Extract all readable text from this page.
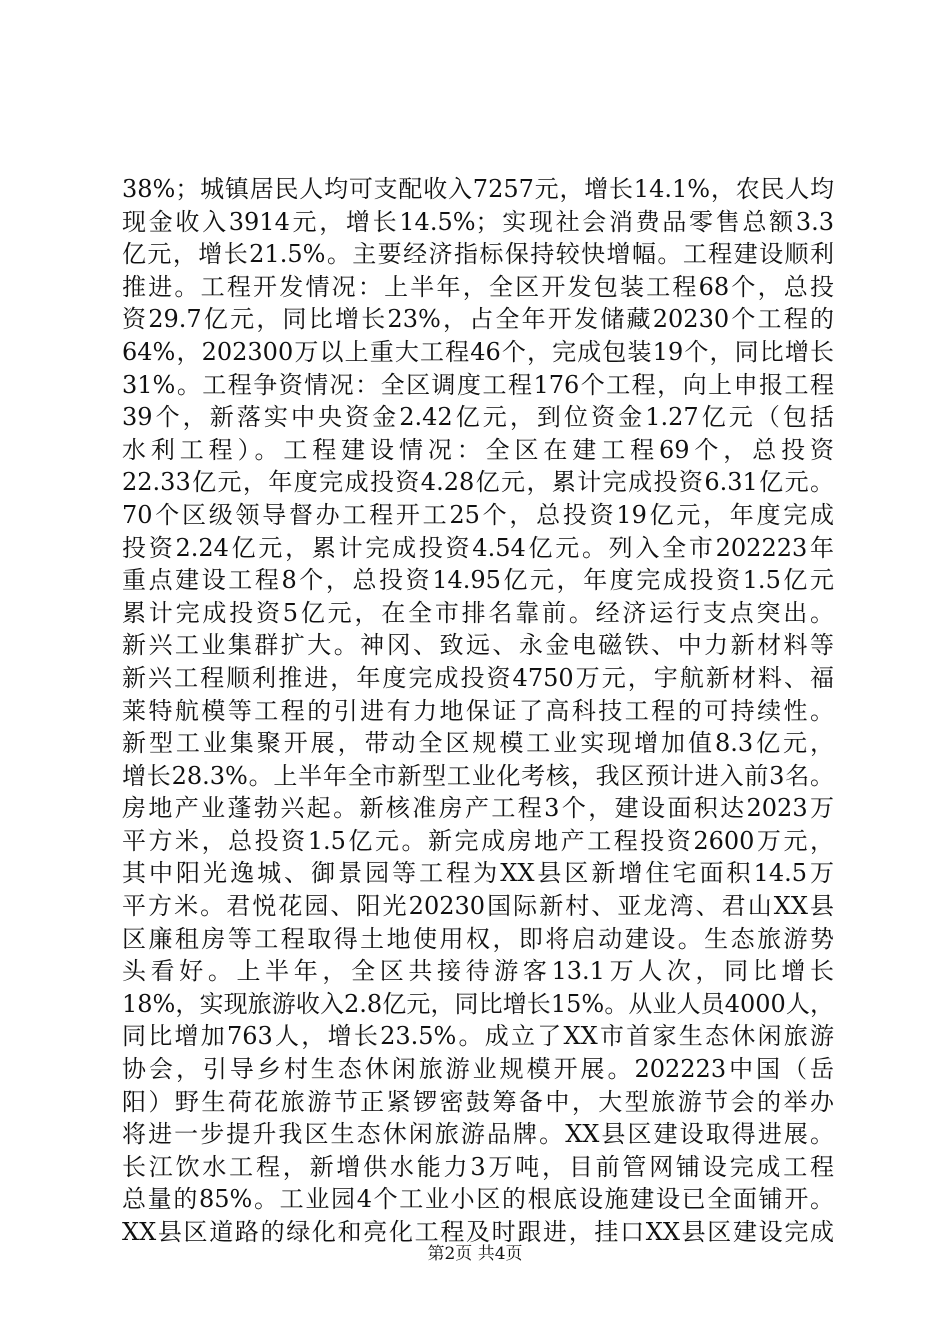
38%；城镇居民人均可支配收入7257元，增长14.1%，农民人均
现金收入3914元，增长14.5%；实现社会消费品零售总额3.3
亿元，增长21.5%。主要经济指标保持较快增幅。工程建设顺利
推进。工程开发情况：上半年，全区开发包装工程68个，总投
资29.7亿元，同比增长23%，占全年开发储藏20230个工程的
64%，202300万以上重大工程46个，完成包装19个，同比增长
31%。工程争资情况：全区调度工程176个工程，向上申报工程
39个，新落实中央资金2.42亿元，到位资金1.27亿元（包括
水利工程）。工程建设情况：全区在建工程69个，总投资
22.33亿元，年度完成投资4.28亿元，累计完成投资6.31亿元。
70个区级领导督办工程开工25个，总投资19亿元，年度完成
投资2.24亿元，累计完成投资4.54亿元。列入全市202223年
重点建设工程8个，总投资14.95亿元，年度完成投资1.5亿元
累计完成投资5亿元，在全市排名靠前。经济运行支点突出。
新兴工业集群扩大。神冈、致远、永金电磁铁、中力新材料等
新兴工程顺利推进，年度完成投资4750万元，宇航新材料、福
莱特航模等工程的引进有力地保证了高科技工程的可持续性。
新型工业集聚开展，带动全区规模工业实现增加值8.3亿元，
增长28.3%。上半年全市新型工业化考核，我区预计进入前3名。
房地产业蓬勃兴起。新核准房产工程3个，建设面积达2023万
平方米，总投资1.5亿元。新完成房地产工程投资2600万元，
其中阳光逸城、御景园等工程为XX县区新增住宅面积14.5万
平方米。君悦花园、阳光20230国际新村、亚龙湾、君山XX县
区廉租房等工程取得土地使用权，即将启动建设。生态旅游势
头看好。上半年，全区共接待游客13.1万人次，同比增长
18%，实现旅游收入2.8亿元，同比增长15%。从业人员4000人，
同比增加763人，增长23.5%。成立了XX市首家生态休闲旅游
协会，引导乡村生态休闲旅游业规模开展。202223中国（岳
阳）野生荷花旅游节正紧锣密鼓筹备中，大型旅游节会的举办
将进一步提升我区生态休闲旅游品牌。XX县区建设取得进展。
长江饮水工程，新增供水能力3万吨，目前管网铺设完成工程
总量的85%。工业园4个工业小区的根底设施建设已全面铺开。
XX县区道路的绿化和亮化工程及时跟进，挂口XX县区建设完成
第2页 共4页
